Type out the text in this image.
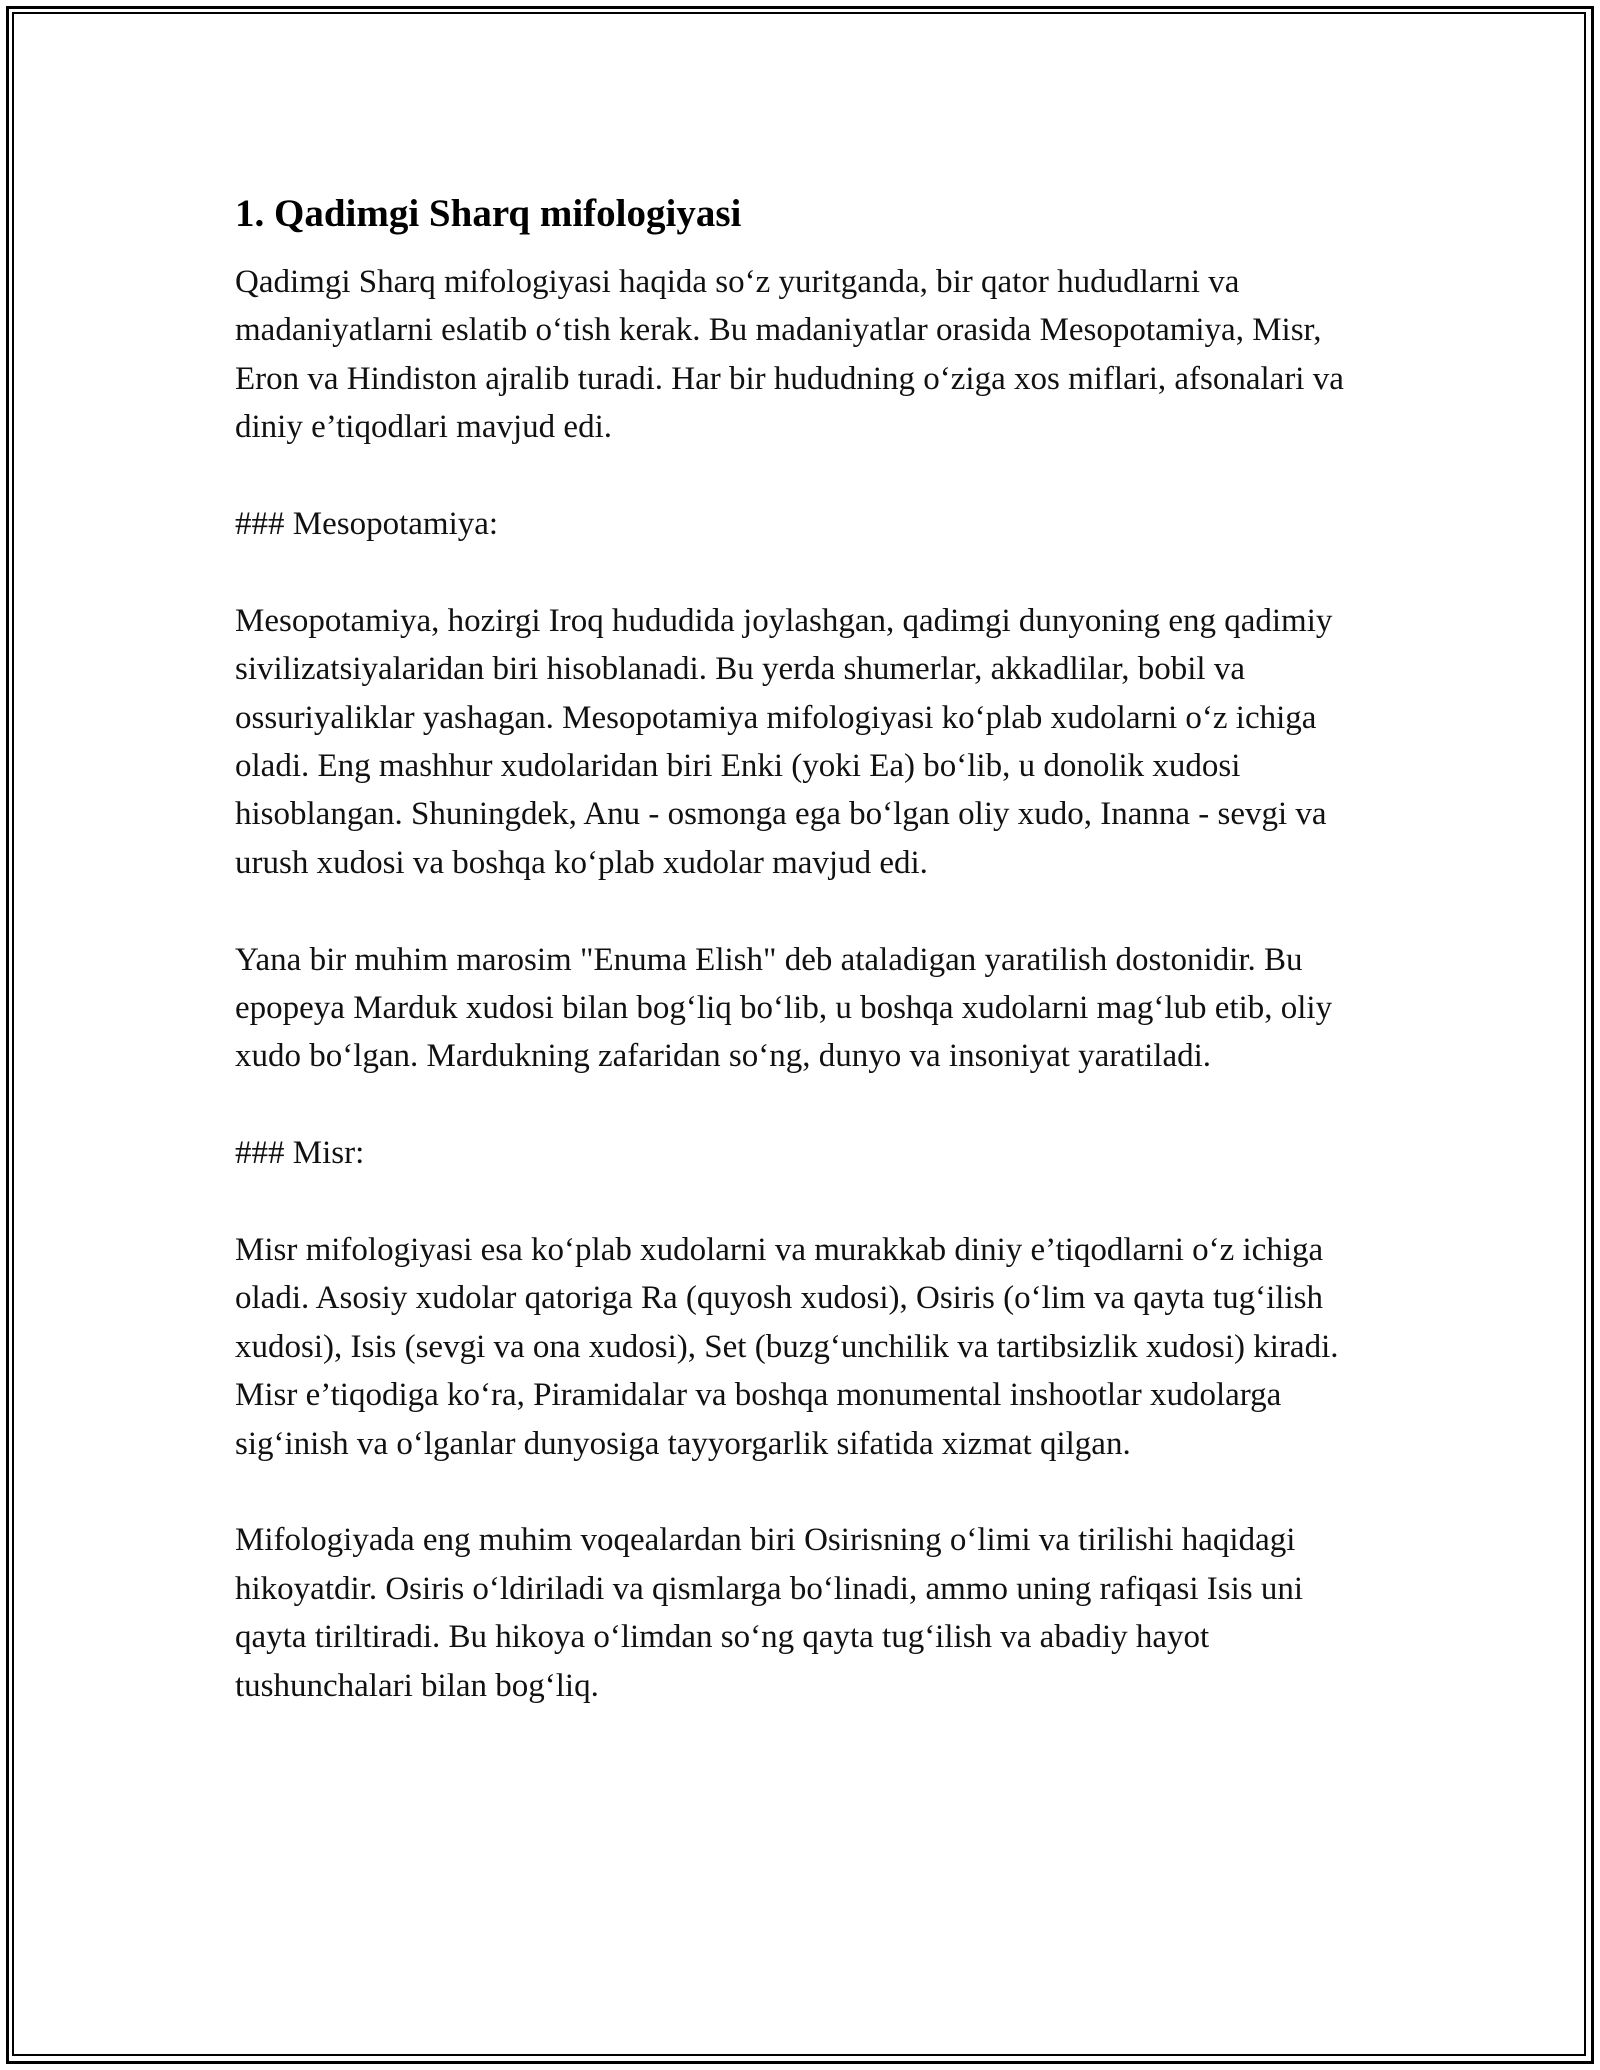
1. Qadimgi Sharq mifologiyasi

Qadimgi Sharq mifologiyasi haqida so‘z yuritganda, bir qator hududlarni va madaniyatlarni eslatib o‘tish kerak. Bu madaniyatlar orasida Mesopotamiya, Misr, Eron va Hindiston ajralib turadi. Har bir hududning o‘ziga xos miflari, afsonalari va diniy e’tiqodlari mavjud edi.

### Mesopotamiya:

Mesopotamiya, hozirgi Iroq hududida joylashgan, qadimgi dunyoning eng qadimiy sivilizatsiyalaridan biri hisoblanadi. Bu yerda shumerlar, akkadlilar, bobil va ossuriyaliklar yashagan. Mesopotamiya mifologiyasi ko‘plab xudolarni o‘z ichiga oladi. Eng mashhur xudolaridan biri Enki (yoki Ea) bo‘lib, u donolik xudosi hisoblangan. Shuningdek, Anu - osmonga ega bo‘lgan oliy xudo, Inanna - sevgi va urush xudosi va boshqa ko‘plab xudolar mavjud edi.

Yana bir muhim marosim "Enuma Elish" deb ataladigan yaratilish dostonidir. Bu epopeya Marduk xudosi bilan bog‘liq bo‘lib, u boshqa xudolarni mag‘lub etib, oliy xudo bo‘lgan. Mardukning zafaridan so‘ng, dunyo va insoniyat yaratiladi.

### Misr:

Misr mifologiyasi esa ko‘plab xudolarni va murakkab diniy e’tiqodlarni o‘z ichiga oladi. Asosiy xudolar qatoriga Ra (quyosh xudosi), Osiris (o‘lim va qayta tug‘ilish xudosi), Isis (sevgi va ona xudosi), Set (buzg‘unchilik va tartibsizlik xudosi) kiradi. Misr e’tiqodiga ko‘ra, Piramidalar va boshqa monumental inshootlar xudolarga sig‘inish va o‘lganlar dunyosiga tayyorgarlik sifatida xizmat qilgan.

Mifologiyada eng muhim voqealardan biri Osirisning o‘limi va tirilishi haqidagi hikoyatdir. Osiris o‘ldiriladi va qismlarga bo‘linadi, ammo uning rafiqasi Isis uni qayta tiriltiradi. Bu hikoya o‘limdan so‘ng qayta tug‘ilish va abadiy hayot tushunchalari bilan bog‘liq.
